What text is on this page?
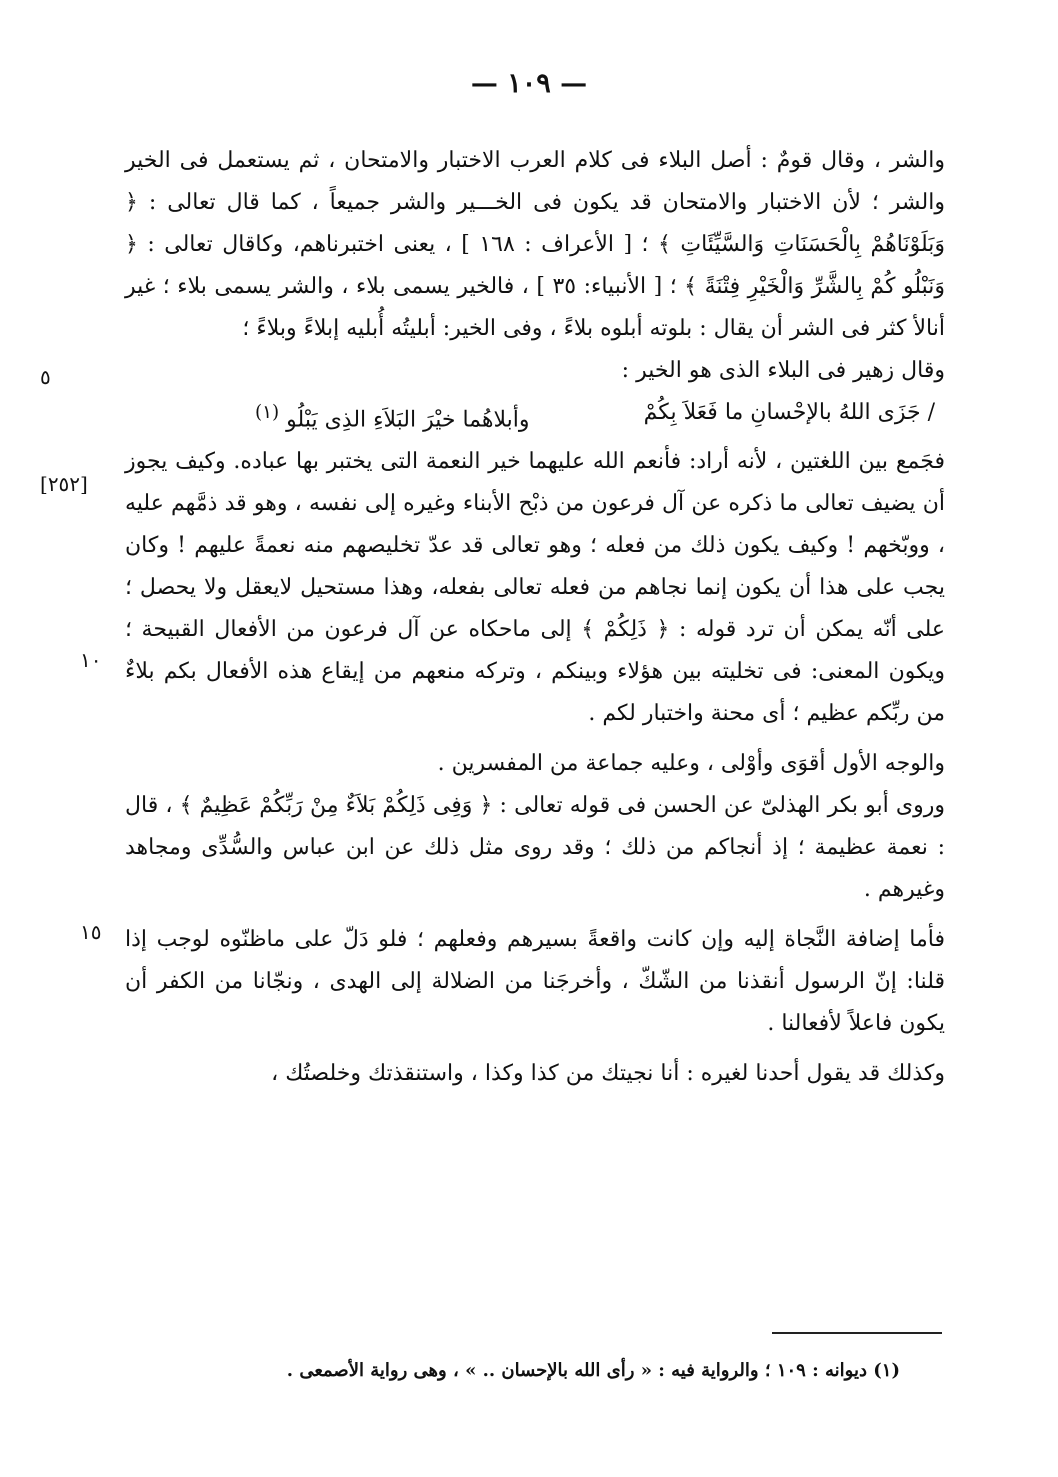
— ١٠٩ —
[٢٥٢]
٥
١٠
١٥

والشر ، وقال قومٌ : أصل البلاء فى كلام العرب الاختبار والامتحان ، ثم يستعمل فى الخير والشر ؛ لأن الاختبار والامتحان قد يكون فى الخـــير والشر جميعاً ، كما قال تعالى : ﴿ وَبَلَوْنَاهُمْ بِالْحَسَنَاتِ وَالسَّيِّئَاتِ ﴾ ؛ [ الأعراف : ١٦٨ ] ، يعنى اختبرناهم، وكاقال تعالى : ﴿ وَنَبْلُو كُمْ بِالشَّرِّ وَالْخَيْرِ فِتْنَةً ﴾ ؛ [ الأنبياء: ٣٥ ] ، فالخير يسمى بلاء ، والشر يسمى بلاء ؛ غير أنالأ كثر فى الشر أن يقال : بلوته أبلوه بلاءً ، وفى الخير: أبليتُه أُبليه إبلاءً وبلاءً ؛

وقال زهير فى البلاء الذى هو الخير :

/ جَزَى اللهُ بالإحْسانِ ما فَعَلاَ بِكُمْ
وأبلاهُما خيْرَ البَلاَءِ الذِى يَبْلُو $^{(١)}$

فجَمع بين اللغتين ، لأنه أراد: فأنعم الله عليهما خير النعمة التى يختبر بها عباده. وكيف يجوز أن يضيف تعالى ما ذكره عن آل فرعون من ذبْح الأبناء وغيره إلى نفسه ، وهو قد ذمَّهم عليه ، ووبّخهم ! وكيف يكون ذلك من فعله ؛ وهو تعالى قد عدّ تخليصهم منه نعمةً عليهم ! وكان يجب على هذا أن يكون إنما نجاهم من فعله تعالى بفعله، وهذا مستحيل لايعقل ولا يحصل ؛ على أنّه يمكن أن ترد قوله : ﴿ ذَلِكُمْ ﴾ إلى ماحكاه عن آل فرعون من الأفعال القبيحة ؛ ويكون المعنى: فى تخليته بين هؤلاء وبينكم ، وتركه منعهم من إيقاع هذه الأفعال بكم بلاءٌ من ربِّكم عظيم ؛ أى محنة واختبار لكم .

والوجه الأول أقوَى وأوْلى ، وعليه جماعة من المفسرين .

وروى أبو بكر الهذلىّ عن الحسن فى قوله تعالى : ﴿ وَفِى ذَلِكُمْ بَلاَءٌ مِنْ رَبِّكُمْ عَظِيمٌ ﴾ ، قال : نعمة عظيمة ؛ إذ أنجاكم من ذلك ؛ وقد روى مثل ذلك عن ابن عباس والسُّدِّى ومجاهد وغيرهم .

فأما إضافة النَّجاة إليه وإن كانت واقعةً بسيرهم وفعلهم ؛ فلو دَلّ على ماظنّوه لوجب إذا قلنا: إنّ الرسول أنقذنا من الشّكّ ، وأخرجَنا من الضلالة إلى الهدى ، ونجّانا من الكفر أن يكون فاعلاً لأفعالنا .

وكذلك قد يقول أحدنا لغيره : أنا نجيتك من كذا وكذا ، واستنقذتك وخلصتُك ،

(١) ديوانه : ١٠٩ ؛ والرواية فيه : « رأى الله بالإحسان .. » ، وهى رواية الأصمعى .
